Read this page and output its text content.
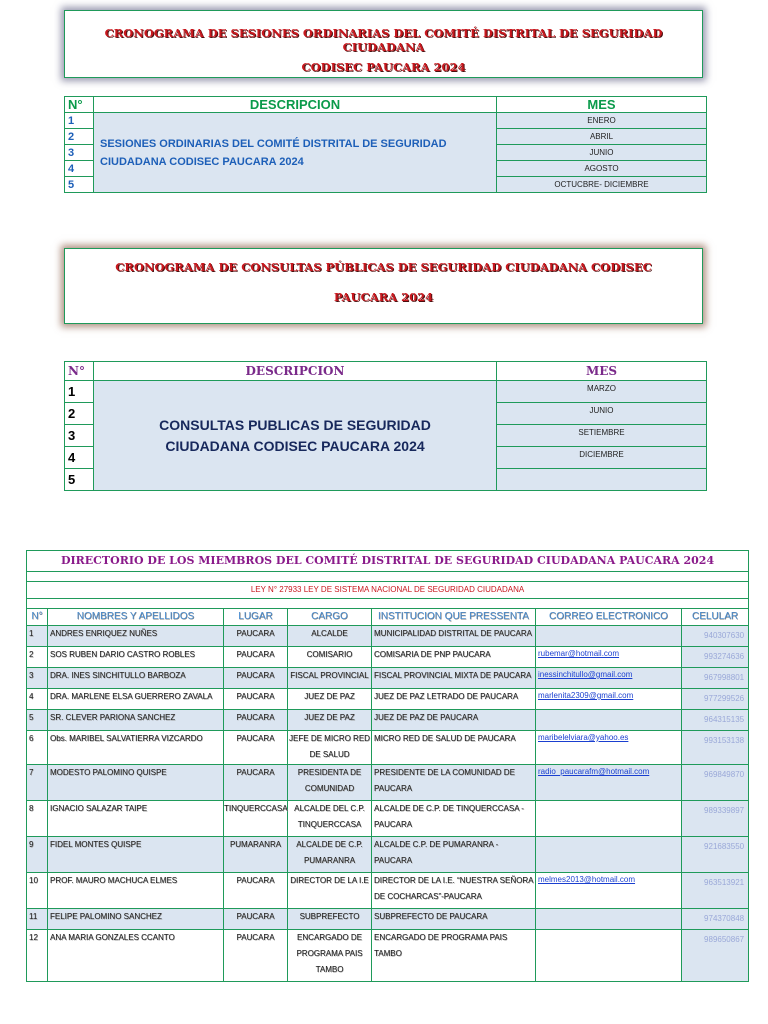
CRONOGRAMA DE SESIONES ORDINARIAS DEL COMITÉ DISTRITAL DE SEGURIDAD CIUDADANA
CODISEC PAUCARA 2024
N°	DESCRIPCION	MES
1	SESIONES ORDINARIAS DEL COMITÉ DISTRITAL DE SEGURIDAD CIUDADANA CODISEC PAUCARA 2024	ENERO
2		ABRIL
3		JUNIO
4		AGOSTO
5		OCTUCBRE- DICIEMBRE
CRONOGRAMA DE CONSULTAS PÚBLICAS DE SEGURIDAD CIUDADANA CODISEC
PAUCARA 2024
N°	DESCRIPCION	MES
1	CONSULTAS PUBLICAS DE SEGURIDAD CIUDADANA CODISEC PAUCARA 2024	MARZO
2		JUNIO
3		SETIEMBRE
4		DICIEMBRE
5		
DIRECTORIO DE LOS MIEMBROS DEL COMITÉ DISTRITAL DE SEGURIDAD CIUDADANA PAUCARA 2024						

LEY N° 27933 LEY DE SISTEMA NACIONAL DE SEGURIDAD CIUDADANA						

N°	NOMBRES Y APELLIDOS	LUGAR	CARGO	INSTITUCION QUE PRESSENTA	CORREO ELECTRONICO	CELULAR
1	ANDRES ENRIQUEZ NUÑES	PAUCARA	ALCALDE	MUNICIPALIDAD DISTRITAL DE PAUCARA		940307630
2	SOS RUBEN DARIO CASTRO ROBLES	PAUCARA	COMISARIO	COMISARIA DE PNP PAUCARA	rubemar@hotmail.com	993274636
3	DRA. INES SINCHITULLO BARBOZA	PAUCARA	FISCAL PROVINCIAL	FISCAL PROVINCIAL MIXTA DE PAUCARA	inessinchitullo@gmail.com	967998801
4	DRA. MARLENE ELSA GUERRERO ZAVALA	PAUCARA	JUEZ DE PAZ	JUEZ DE PAZ LETRADO DE PAUCARA	marlenita2309@gmail.com	977299526
5	SR. CLEVER PARIONA SANCHEZ	PAUCARA	JUEZ DE PAZ	JUEZ DE PAZ DE PAUCARA		964315135
6	Obs. MARIBEL SALVATIERRA VIZCARDO	PAUCARA	JEFE DE MICRO RED DE SALUD	MICRO RED DE SALUD DE PAUCARA	maribelelviara@yahoo.es	993153138
7	MODESTO PALOMINO QUISPE	PAUCARA	PRESIDENTA DE COMUNIDAD	PRESIDENTE DE LA COMUNIDAD DE PAUCARA	radio_paucarafm@hotmail.com	969849870
8	IGNACIO SALAZAR TAIPE	TINQUERCCASA	ALCALDE DEL C.P. TINQUERCCASA	ALCALDE DE C.P. DE TINQUERCCASA -PAUCARA		989339897
9	FIDEL MONTES QUISPE	PUMARANRA	ALCALDE DE C.P. PUMARANRA	ALCALDE C.P. DE PUMARANRA -PAUCARA		921683550
10	PROF. MAURO MACHUCA ELMES	PAUCARA	DIRECTOR DE LA I.E	DIRECTOR DE LA I.E. “NUESTRA SEÑORA DE COCHARCAS”-PAUCARA	melmes2013@hotmail.com	963513921
11	FELIPE PALOMINO SANCHEZ	PAUCARA	SUBPREFECTO	SUBPREFECTO DE PAUCARA		974370848
12	ANA MARIA GONZALES CCANTO	PAUCARA	ENCARGADO DE PROGRAMA PAIS TAMBO	ENCARGADO DE PROGRAMA PAIS TAMBO		989650867
